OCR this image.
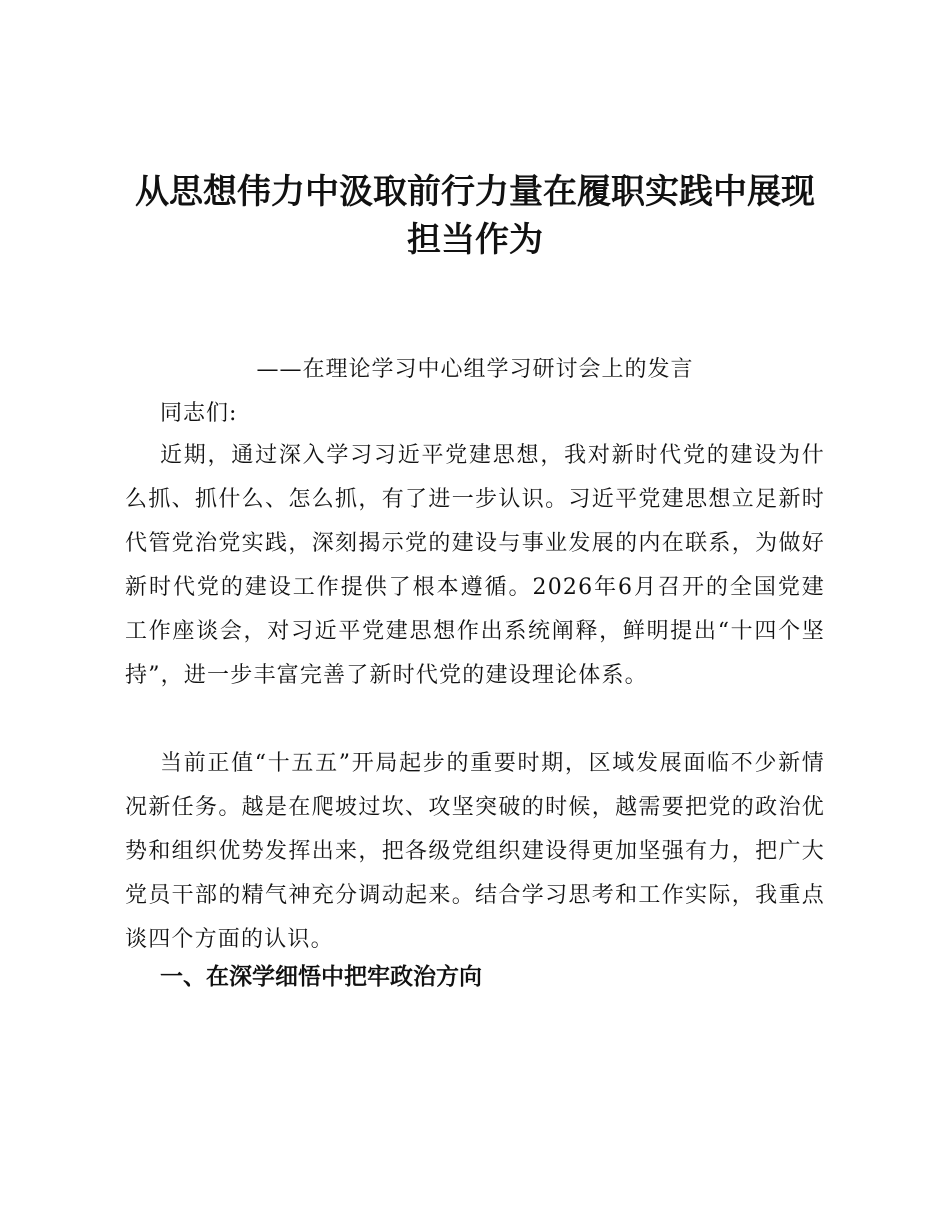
从思想伟力中汲取前行力量在履职实践中展现
担当作为

——在理论学习中心组学习研讨会上的发言

同志们:

近期，通过深入学习习近平党建思想，我对新时代党的建设为什么抓、抓什么、怎么抓，有了进一步认识。习近平党建思想立足新时代管党治党实践，深刻揭示党的建设与事业发展的内在联系，为做好新时代党的建设工作提供了根本遵循。2026年6月召开的全国党建工作座谈会，对习近平党建思想作出系统阐释，鲜明提出“十四个坚持”，进一步丰富完善了新时代党的建设理论体系。

当前正值“十五五”开局起步的重要时期，区域发展面临不少新情况新任务。越是在爬坡过坎、攻坚突破的时候，越需要把党的政治优势和组织优势发挥出来，把各级党组织建设得更加坚强有力，把广大党员干部的精气神充分调动起来。结合学习思考和工作实际，我重点谈四个方面的认识。

一、在深学细悟中把牢政治方向
